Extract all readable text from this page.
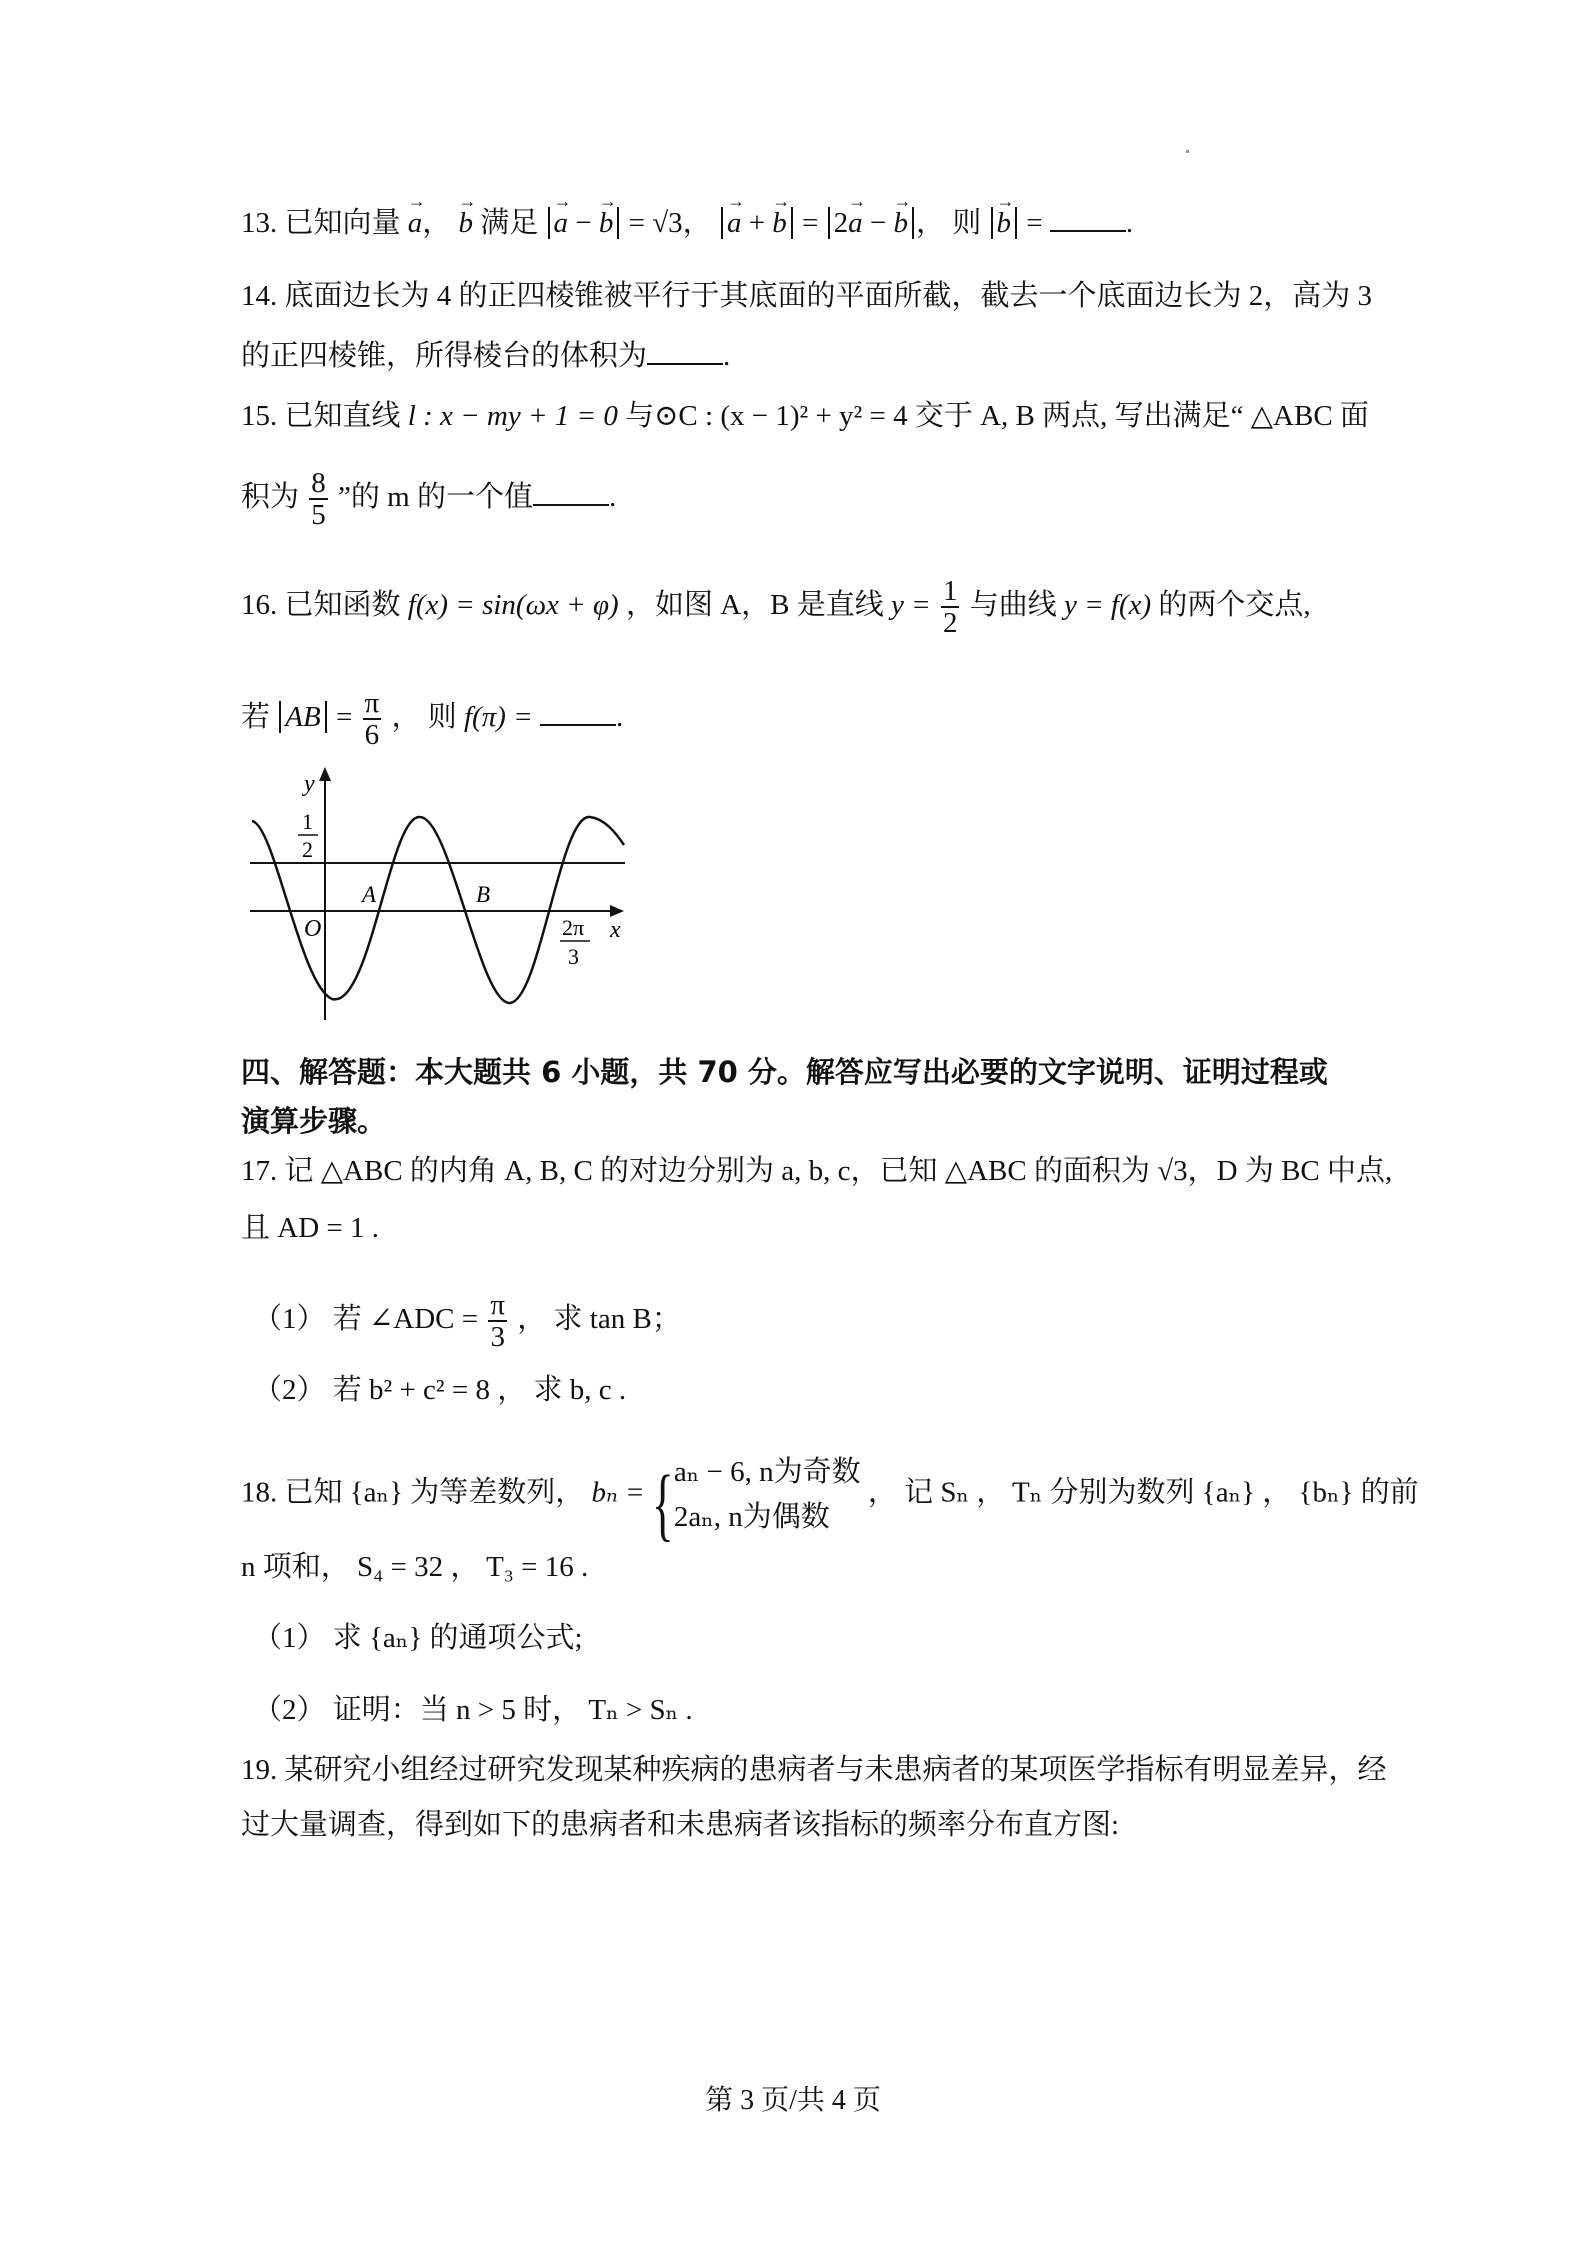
13. 已知向量 → a， → b 满足 → a − → b = √3， → a + → b = 2→ a − → b ， 则 → b =	.
14. 底面边长为 4 的正四棱锥被平行于其底面的平面所截，截去一个底面边长为 2，高为 3
的正四棱锥，所得棱台的体积为	.
15. 已知直线 l : x − my + 1 = 0 与⊙C : (x − 1)² + y² = 4 交于 A, B 两点, 写出满足“ △ABC 面
积为 $\frac{8}{5}$ ”的 m 的一个值	.
16. 已知函数 f(x) = sin(ωx + φ) ，如图 A，B 是直线 $y = \frac{1}{2}$ 与曲线 y = f(x) 的两个交点,
若 AB = $\frac{\pi}{6}$ ， 则 f(π) =	.
y
x
O
1
2
A	B
2π
3
四、解答题：本大题共 6 小题，共 70 分。解答应写出必要的文字说明、证明过程或
演算步骤。
17. 记 △ABC 的内角 A, B, C 的对边分别为 a, b, c，已知 △ABC 的面积为 √3，D 为 BC 中点,
且 AD = 1 .
（1） 若 ∠ADC = $\frac{\pi}{3}$ ， 求 tan B；
（2） 若 b² + c² = 8 ， 求 b, c .
18. 已知 {aₙ} 为等差数列， bₙ =
{ aₙ − 6, n为奇数
2aₙ, n为偶数
， 记 Sₙ ， Tₙ 分别为数列 {aₙ} ， {bₙ} 的前
n 项和， S₄ = 32 ， T₃ = 16 .
（1） 求 {aₙ} 的通项公式;
（2） 证明：当 n > 5 时， Tₙ > Sₙ .
19. 某研究小组经过研究发现某种疾病的患病者与未患病者的某项医学指标有明显差异，经
过大量调查，得到如下的患病者和未患病者该指标的频率分布直方图:
第 3 页/共 4 页
